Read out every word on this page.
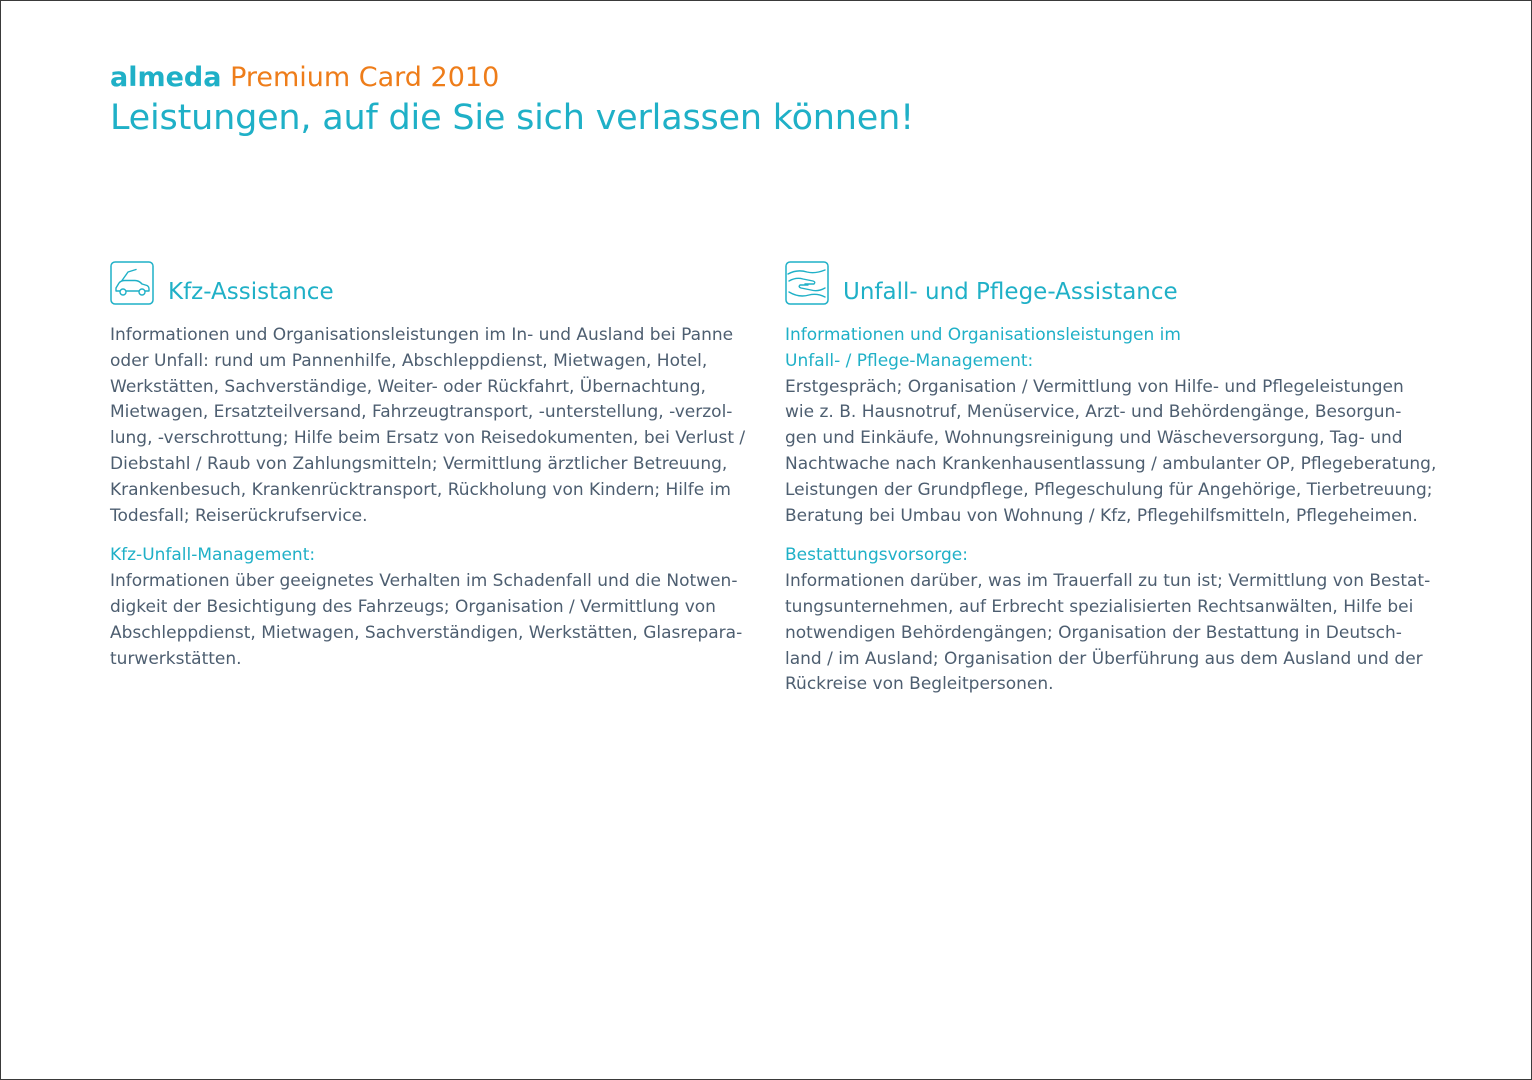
almeda Premium Card 2010
Leistungen, auf die Sie sich verlassen können!
Kfz-Assistance

Informationen und Organisationsleistungen im In- und Ausland bei Panne
oder Unfall: rund um Pannenhilfe, Abschleppdienst, Mietwagen, Hotel,
Werkstätten, Sachverständige, Weiter- oder Rückfahrt, Übernachtung,
Mietwagen, Ersatzteilversand, Fahrzeugtransport, -unterstellung, -verzol-
lung, -verschrottung; Hilfe beim Ersatz von Reisedokumenten, bei Verlust /
Diebstahl / Raub von Zahlungsmitteln; Vermittlung ärztlicher Betreuung,
Krankenbesuch, Krankenrücktransport, Rückholung von Kindern; Hilfe im
Todesfall; Reiserückrufservice.

Kfz-Unfall-Management:
Informationen über geeignetes Verhalten im Schadenfall und die Notwen-
digkeit der Besichtigung des Fahrzeugs; Organisation / Vermittlung von
Abschleppdienst, Mietwagen, Sachverständigen, Werkstätten, Glasrepara-
turwerkstätten.

Unfall- und Pflege-Assistance

Informationen und Organisationsleistungen im
Unfall- / Pflege-Management:
Erstgespräch; Organisation / Vermittlung von Hilfe- und Pflegeleistungen
wie z. B. Hausnotruf, Menüservice, Arzt- und Behördengänge, Besorgun-
gen und Einkäufe, Wohnungsreinigung und Wäscheversorgung, Tag- und
Nachtwache nach Krankenhausentlassung / ambulanter OP, Pflegeberatung,
Leistungen der Grundpflege, Pflegeschulung für Angehörige, Tierbetreuung;
Beratung bei Umbau von Wohnung / Kfz, Pflegehilfsmitteln, Pflegeheimen.

Bestattungsvorsorge:
Informationen darüber, was im Trauerfall zu tun ist; Vermittlung von Bestat-
tungsunternehmen, auf Erbrecht spezialisierten Rechtsanwälten, Hilfe bei
notwendigen Behördengängen; Organisation der Bestattung in Deutsch-
land / im Ausland; Organisation der Überführung aus dem Ausland und der
Rückreise von Begleitpersonen.
